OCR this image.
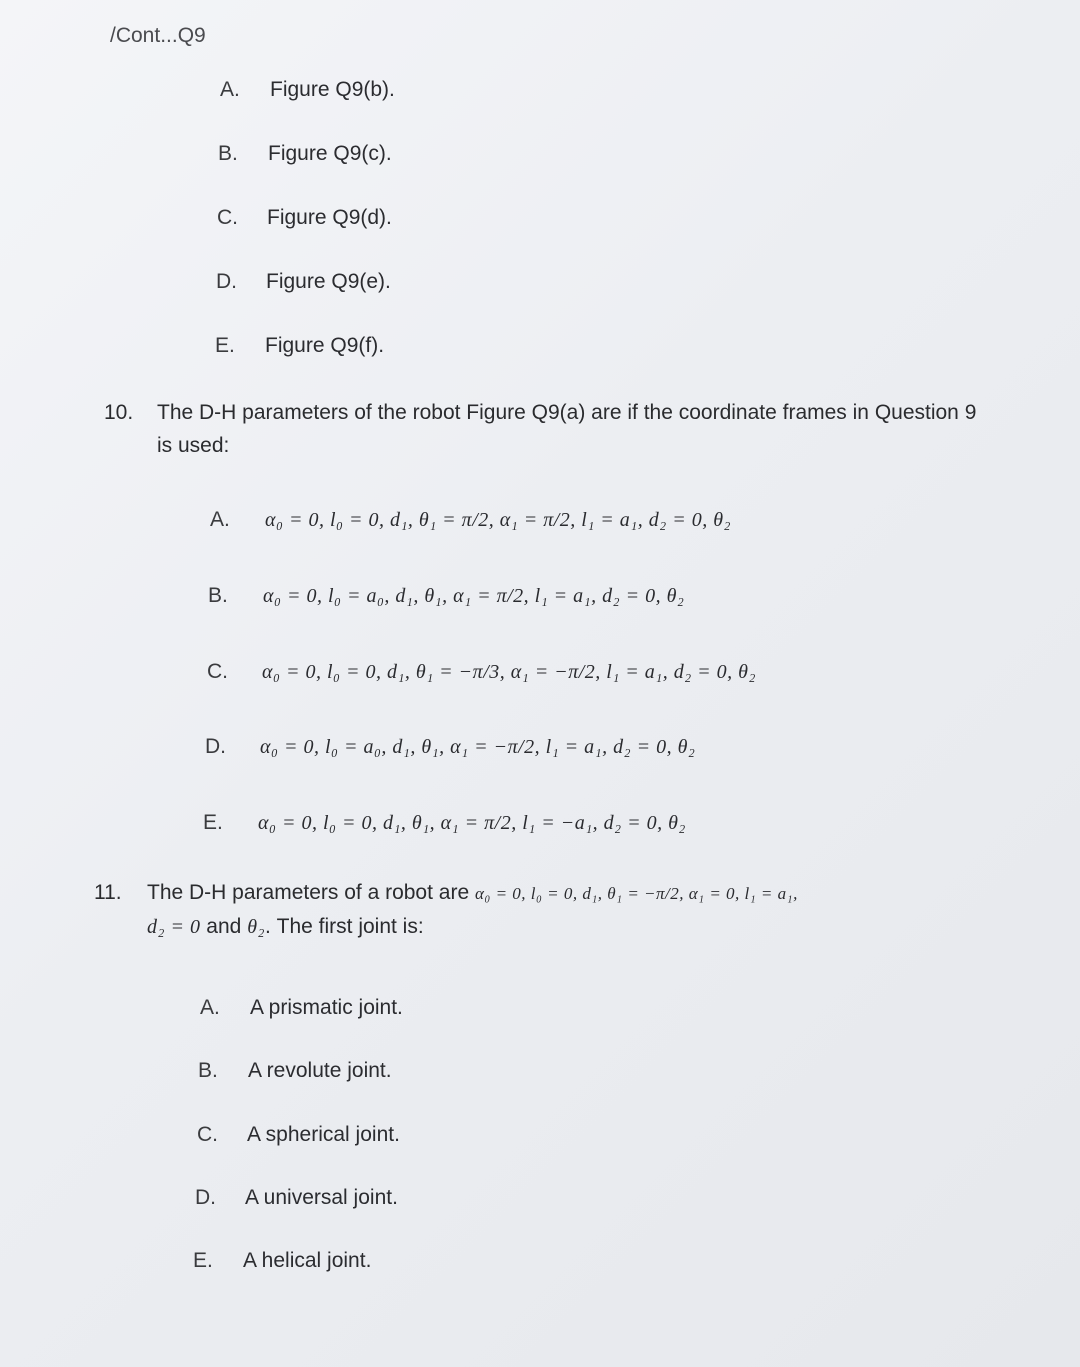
/Cont...Q9
A. Figure Q9(b).
B. Figure Q9(c).
C. Figure Q9(d).
D. Figure Q9(e).
E. Figure Q9(f).
10. The D-H parameters of the robot Figure Q9(a) are if the coordinate frames in Question 9 is used:
A. α₀ = 0, l₀ = 0, d₁, θ₁ = π/2, α₁ = π/2, l₁ = a₁, d₂ = 0, θ₂
B. α₀ = 0, l₀ = a₀, d₁, θ₁, α₁ = π/2, l₁ = a₁, d₂ = 0, θ₂
C. α₀ = 0, l₀ = 0, d₁, θ₁ = −π/3, α₁ = −π/2, l₁ = a₁, d₂ = 0, θ₂
D. α₀ = 0, l₀ = a₀, d₁, θ₁, α₁ = −π/2, l₁ = a₁, d₂ = 0, θ₂
E. α₀ = 0, l₀ = 0, d₁, θ₁, α₁ = π/2, l₁ = −a₁, d₂ = 0, θ₂
11. The D-H parameters of a robot are α₀ = 0, l₀ = 0, d₁, θ₁ = −π/2, α₁ = 0, l₁ = a₁,
d₂ = 0 and θ₂. The first joint is:
A. A prismatic joint.
B. A revolute joint.
C. A spherical joint.
D. A universal joint.
E. A helical joint.
